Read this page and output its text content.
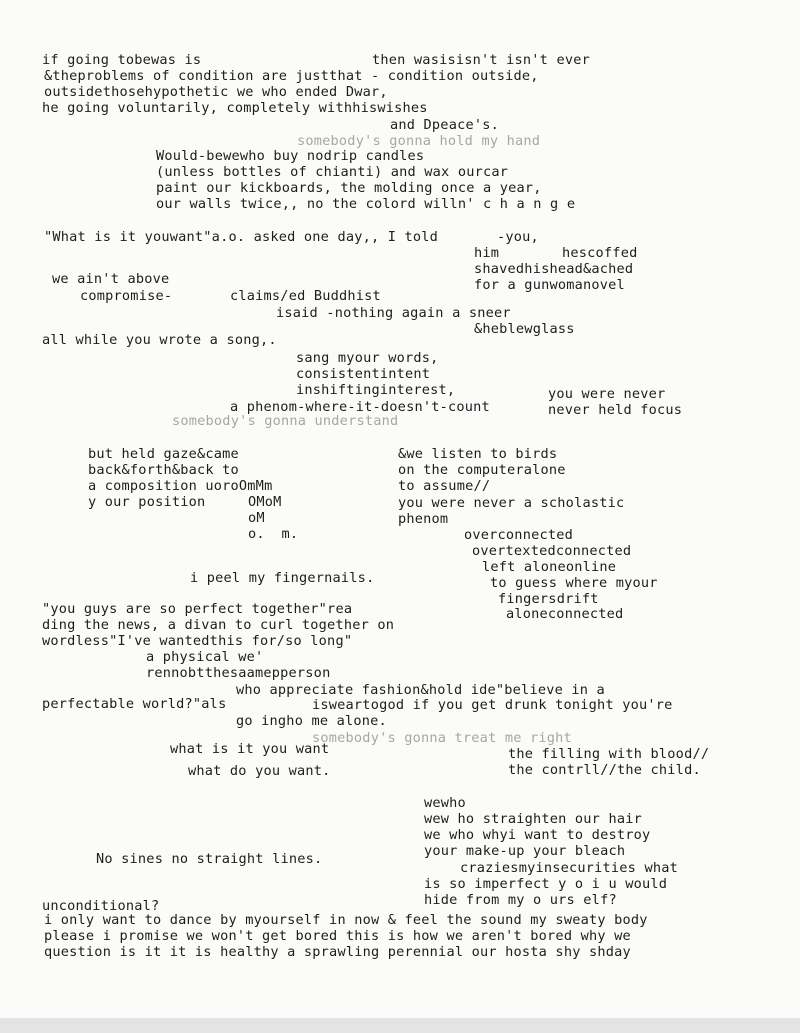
if going tobewas is	then wasisisn't isn't ever
&theproblems of condition are justthat - condition outside,
outsidethosehypothetic we who ended Dwar,
he going voluntarily, completely withhiswishes
and Dpeace's.
somebody's gonna hold my hand
Would-bewewho buy nodrip candles
(unless bottles of chianti) and wax ourcar
paint our kickboards, the molding once a year,
our walls twice,, no the colord willn' c h a n g e
"What is it youwant"a.o. asked one day,, I told	-you,
him	hescoffed
shavedhishead&ached
we ain't above	for a gunwomanovel
compromise-	claims/ed Buddhist
isaid -nothing again a sneer
&heblewglass
all while you wrote a song,.
sang myour words,
consistentintent
inshiftinginterest,	you were never
a phenom-where-it-doesn't-count	never held focus
somebody's gonna understand
but held gaze&came	&we listen to birds
back&forth&back to	on the computeralone
a composition uoroOmMm	to assume//
y our position	OMoM	you were never a scholastic
oM	phenom
o.  m.	overconnected
overtextedconnected
left aloneonline
i peel my fingernails.	to guess where myour
fingersdrift
"you guys are so perfect together"rea	aloneconnected
ding the news, a divan to curl together on
wordless"I've wantedthis for/so long"
a physical we'
rennobtthesaamepperson
who appreciate fashion&hold ide"believe in a
perfectable world?"als	isweartogod if you get drunk tonight you're
go ingho me alone.
somebody's gonna treat me right
what is it you want	the filling with blood//
what do you want.	the contrll//the child.
wewho
wew ho straighten our hair
we who whyi want to destroy
your make-up your bleach
No sines no straight lines.
craziesmyinsecurities what
is so imperfect y o i u would
unconditional?	hide from my o urs elf?
i only want to dance by myourself in now & feel the sound my sweaty body
please i promise we won't get bored this is how we aren't bored why we
question is it it is healthy a sprawling perennial our hosta shy shday
